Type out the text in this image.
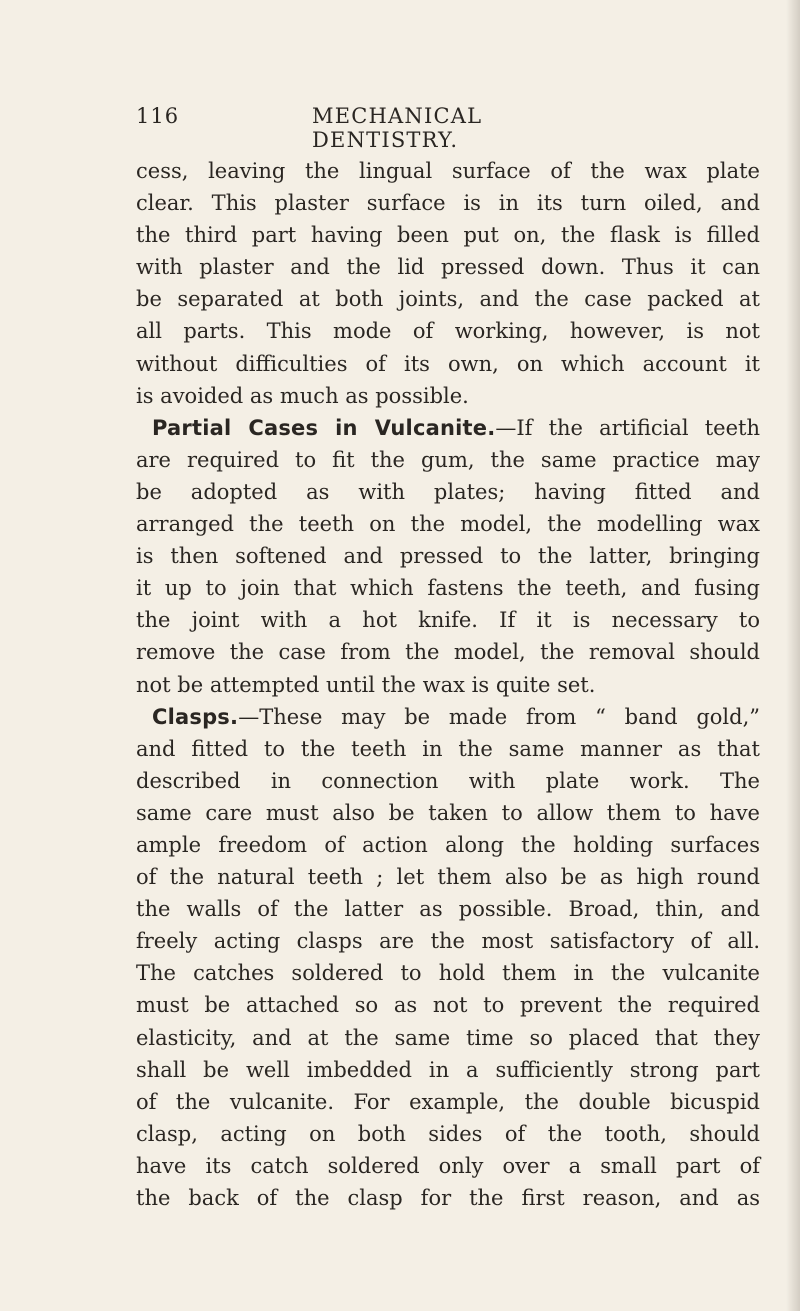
116	MECHANICAL DENTISTRY.
cess, leaving the lingual surface of the wax plate
clear. This plaster surface is in its turn oiled, and
the third part having been put on, the flask is filled
with plaster and the lid pressed down. Thus it can
be separated at both joints, and the case packed at
all parts. This mode of working, however, is not
without difficulties of its own, on which account it
is avoided as much as possible.
Partial Cases in Vulcanite.—If the artificial teeth
are required to fit the gum, the same practice may
be adopted as with plates; having fitted and
arranged the teeth on the model, the modelling wax
is then softened and pressed to the latter, bringing
it up to join that which fastens the teeth, and fusing
the joint with a hot knife. If it is necessary to
remove the case from the model, the removal should
not be attempted until the wax is quite set.
Clasps.—These may be made from “ band gold,”
and fitted to the teeth in the same manner as that
described in connection with plate work. The
same care must also be taken to allow them to have
ample freedom of action along the holding surfaces
of the natural teeth ; let them also be as high round
the walls of the latter as possible. Broad, thin, and
freely acting clasps are the most satisfactory of all.
The catches soldered to hold them in the vulcanite
must be attached so as not to prevent the required
elasticity, and at the same time so placed that they
shall be well imbedded in a sufficiently strong part
of the vulcanite. For example, the double bicuspid
clasp, acting on both sides of the tooth, should
have its catch soldered only over a small part of
the back of the clasp for the first reason, and as
